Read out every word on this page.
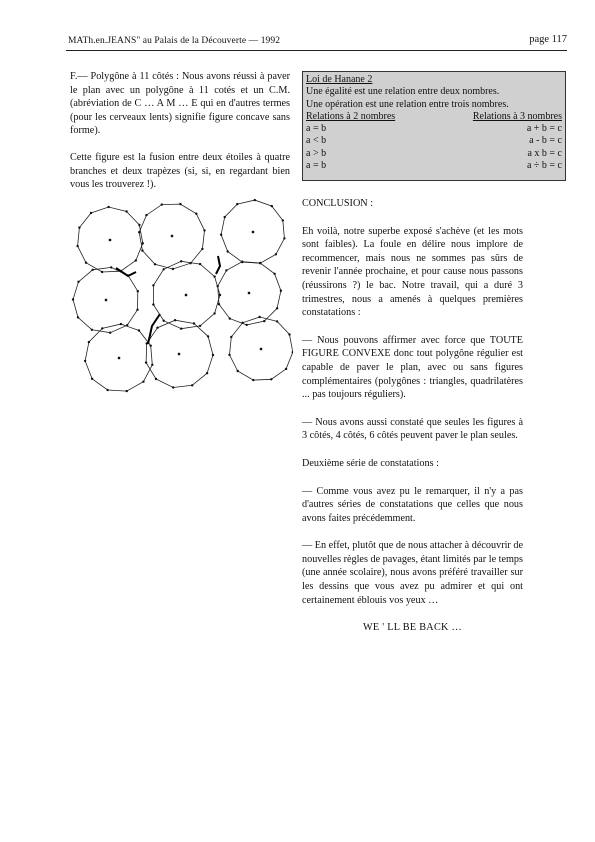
MATh.en.JEANS" au Palais de la Découverte — 1992	page 117

F.— Polygône à 11 côtés : Nous avons réussi à paver le plan avec un polygône à 11 cotés et un C.M. (abréviation de C … A M … E qui en d'autres termes (pour les cerveaux lents) signifie figure concave sans forme).

Cette figure est la fusion entre deux étoiles à quatre branches et deux trapèzes (si, si, en regardant bien vous les trouverez !).

Loi de Hanane 2
Une égalité est une relation entre deux nombres.
Une opération est une relation entre trois nombres.
Relations à 2 nombres	Relations à 3 nombres
a = b	a + b = c
a < b	a - b = c
a > b	a x b = c
a = b	a ÷ b = c

CONCLUSION :

Eh voilà, notre superbe exposé s'achève (et les mots sont faibles). La foule en délire nous implore de recommencer, mais nous ne sommes pas sûrs de revenir l'année prochaine, et pour cause nous passons (réussirons ?) le bac. Notre travail, qui a duré 3 trimestres, nous a amenés à quelques premières constatations :

— Nous pouvons affirmer avec force que TOUTE FIGURE CONVEXE donc tout polygône régulier est capable de paver le plan, avec ou sans figures complémentaires (polygônes : triangles, quadrilatères ... pas toujours réguliers).

— Nous avons aussi constaté que seules les figures à 3 côtés, 4 côtés, 6 côtés peuvent paver le plan seules.

Deuxième série de constatations :

— Comme vous avez pu le remarquer, il n'y a pas d'autres séries de constatations que celles que nous avons faites précédemment.

— En effet, plutôt que de nous attacher à découvrir de nouvelles règles de pavages, étant limités par le temps (une année scolaire), nous avons préféré travailler sur les dessins que vous avez pu admirer et qui ont certainement éblouis vos yeux …

WE ' LL BE BACK …
